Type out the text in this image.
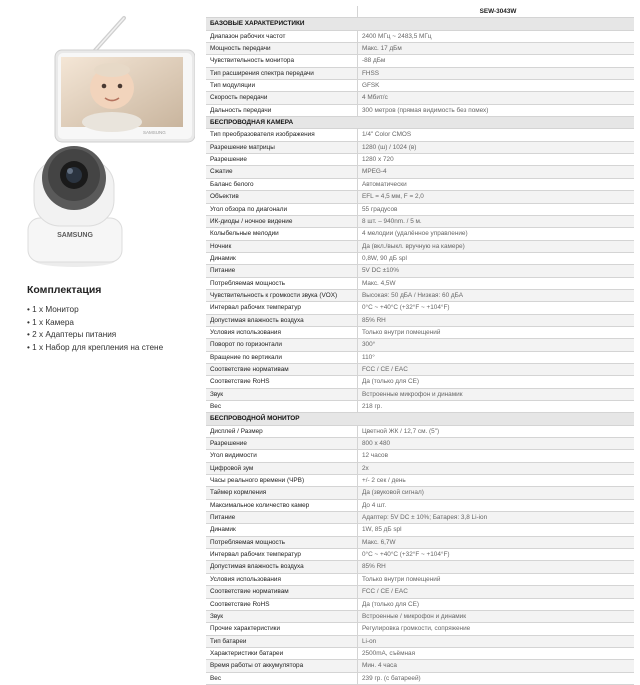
SAMSUNG
SAMSUNG
Комплектация
• 1 x Монитор
• 1 x Камера
• 2 x Адаптеры питания
• 1 x Набор для крепления на стене
	SEW-3043W
БАЗОВЫЕ ХАРАКТЕРИСТИКИ	
Диапазон рабочих частот	2400 МГц ~ 2483,5 МГц
Мощность передачи	Макс. 17 дБм
Чувствительность монитора	-88 дБм
Тип расширения спектра передачи	FHSS
Тип модуляции	GFSK
Скорость передачи	4 Мбит/с
Дальность передачи	300 метров (прямая видимость без помех)
БЕСПРОВОДНАЯ КАМЕРА	
Тип преобразователя изображения	1/4" Color CMOS
Разрешение матрицы	1280 (ш) / 1024 (в)
Разрешение	1280 x 720
Сжатие	MPEG-4
Баланс белого	Автоматически
Объектив	EFL = 4,5 мм, F = 2,0
Угол обзора по диагонали	55 градусов
ИК-диоды / ночное видение	8 шт. – 940nm. / 5 м.
Колыбельные мелодии	4 мелодии (удалённое управление)
Ночник	Да (вкл./выкл. вручную на камере)
Динамик	0,8W, 90 дБ spl
Питание	5V DC ±10%
Потребляемая мощность	Макс. 4,5W
Чувствительность к громкости звука (VOX)	Высокая: 50 дБА / Низкая: 60 дБА
Интервал рабочих температур	0°C ~ +40°C (+32°F ~ +104°F)
Допустимая влажность воздуха	85% RH
Условия использования	Только внутри помещений
Поворот по горизонтали	300°
Вращение по вертикали	110°
Соответствие нормативам	FCC / CE / EAC
Соответствие RoHS	Да (только для CE)
Звук	Встроенные микрофон и динамик
Вес	218 гр.
БЕСПРОВОДНОЙ МОНИТОР	
Дисплей / Размер	Цветной ЖК / 12,7 см. (5")
Разрешение	800 x 480
Угол видимости	12 часов
Цифровой зум	2x
Часы реального времени (ЧРВ)	+/- 2 сек / день
Таймер кормления	Да (звуковой сигнал)
Максимальное количество камер	До 4 шт.
Питание	Адаптер: 5V DC ± 10%; Батарея: 3,8 Li-ion
Динамик	1W, 85 дБ spl
Потребляемая мощность	Макс. 6,7W
Интервал рабочих температур	0°C ~ +40°C (+32°F ~ +104°F)
Допустимая влажность воздуха	85% RH
Условия использования	Только внутри помещений
Соответствие нормативам	FCC / CE / EAC
Соответствие RoHS	Да (только для CE)
Звук	Встроенные / микрофон и динамик
Прочие характеристики	Регулировка громкости, сопряжение
Тип батареи	Li-on
Характеристики батареи	2500mA, съёмная
Время работы от аккумулятора	Мин. 4 часа
Вес	239 гр. (с батареей)
